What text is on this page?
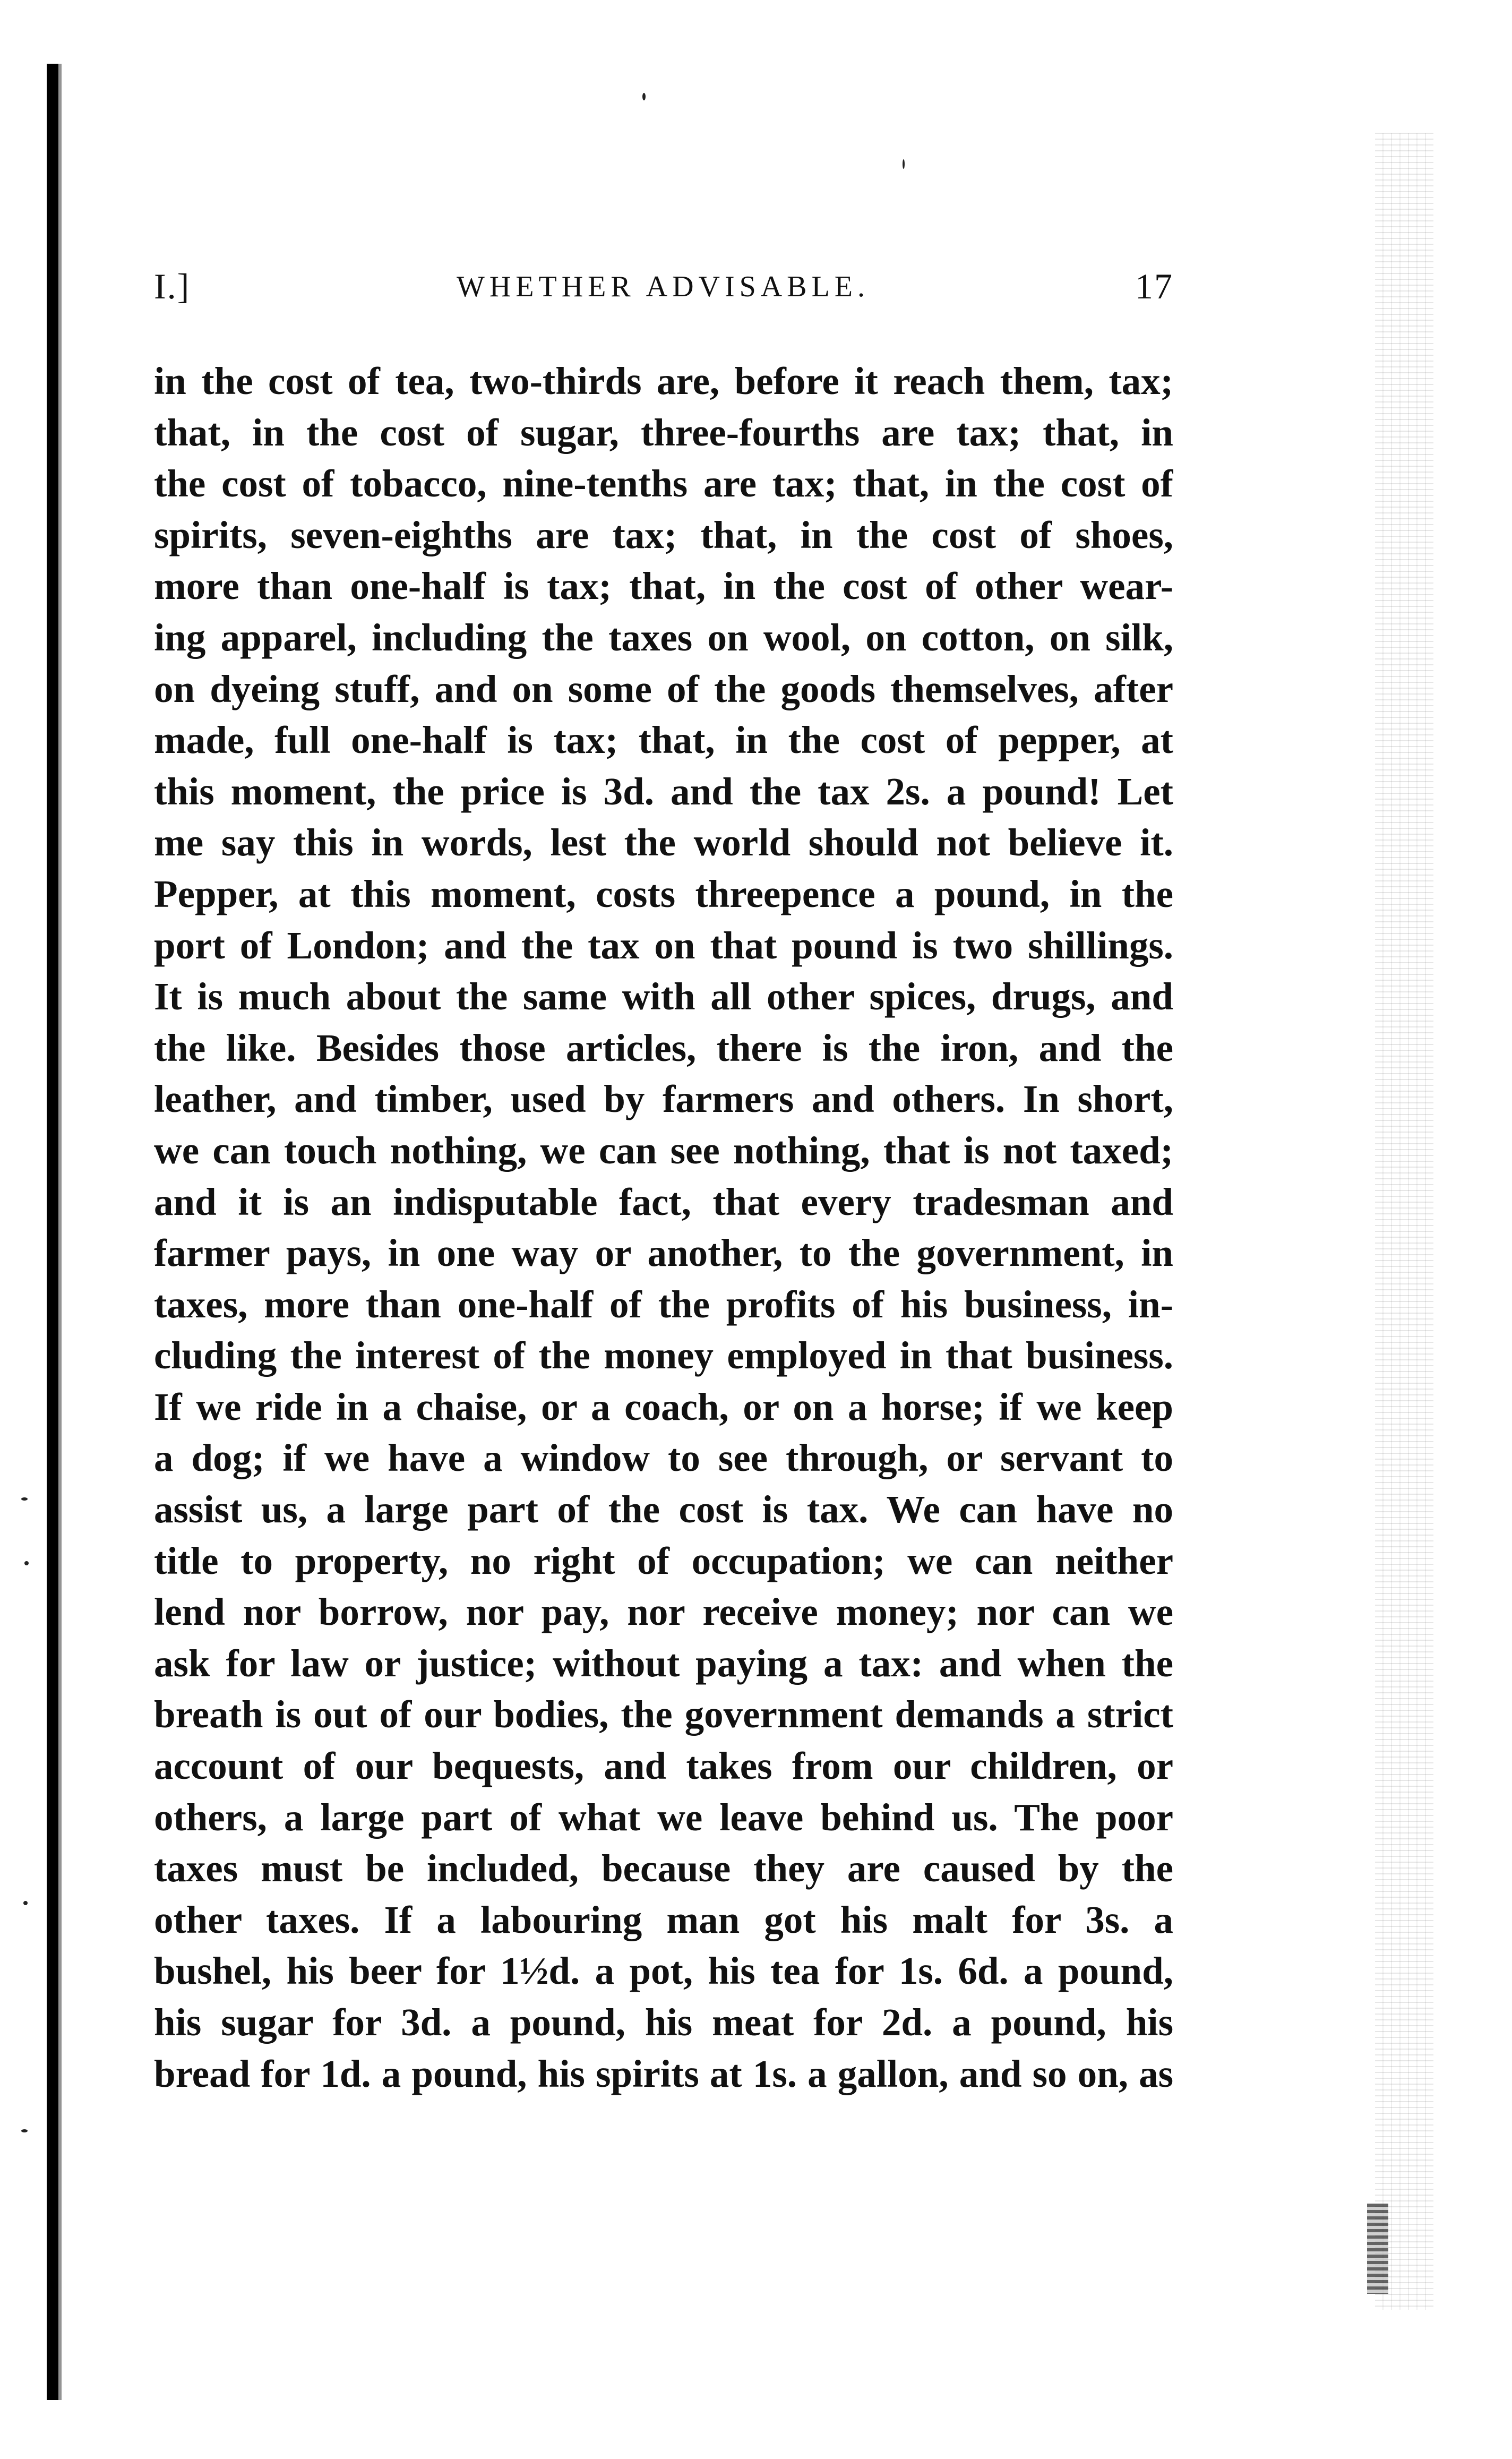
I.]	WHETHER ADVISABLE.	17
in the cost of tea, two-thirds are, before it reach them, tax;
that, in the cost of sugar, three-fourths are tax; that, in
the cost of tobacco, nine-tenths are tax; that, in the cost of
spirits, seven-eighths are tax; that, in the cost of shoes,
more than one-half is tax; that, in the cost of other wear-
ing apparel, including the taxes on wool, on cotton, on silk,
on dyeing stuff, and on some of the goods themselves, after
made, full one-half is tax; that, in the cost of pepper, at
this moment, the price is 3d. and the tax 2s. a pound! Let
me say this in words, lest the world should not believe it.
Pepper, at this moment, costs threepence a pound, in the
port of London; and the tax on that pound is two shillings.
It is much about the same with all other spices, drugs, and
the like. Besides those articles, there is the iron, and the
leather, and timber, used by farmers and others. In short,
we can touch nothing, we can see nothing, that is not taxed;
and it is an indisputable fact, that every tradesman and
farmer pays, in one way or another, to the government, in
taxes, more than one-half of the profits of his business, in-
cluding the interest of the money employed in that business.
If we ride in a chaise, or a coach, or on a horse; if we keep
a dog; if we have a window to see through, or servant to
assist us, a large part of the cost is tax. We can have no
title to property, no right of occupation; we can neither
lend nor borrow, nor pay, nor receive money; nor can we
ask for law or justice; without paying a tax: and when the
breath is out of our bodies, the government demands a strict
account of our bequests, and takes from our children, or
others, a large part of what we leave behind us. The poor
taxes must be included, because they are caused by the
other taxes. If a labouring man got his malt for 3s. a
bushel, his beer for 1½d. a pot, his tea for 1s. 6d. a pound,
his sugar for 3d. a pound, his meat for 2d. a pound, his
bread for 1d. a pound, his spirits at 1s. a gallon, and so on, as
